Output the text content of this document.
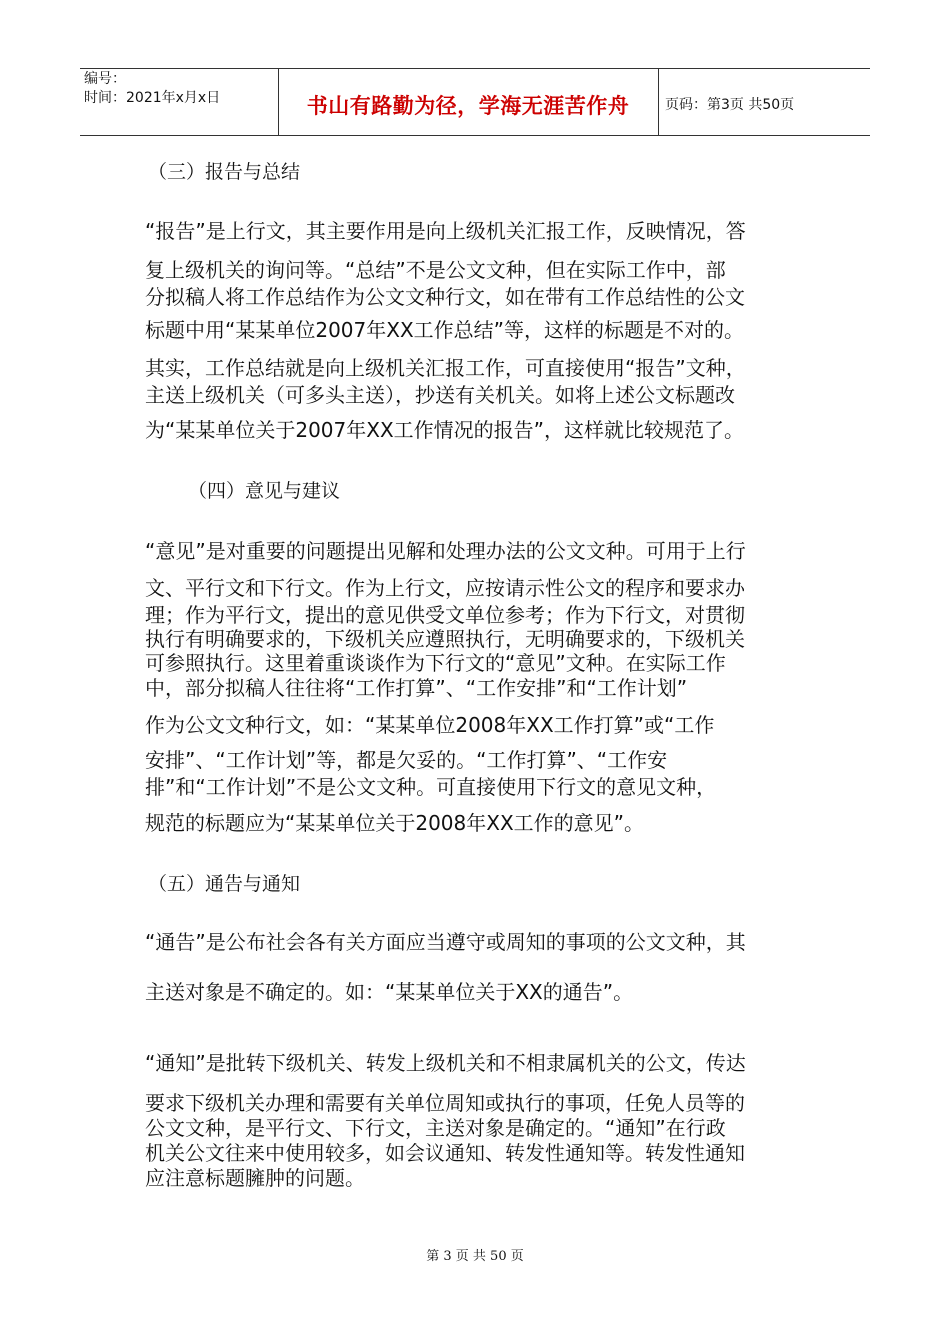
编号：
时间：2021年x月x日	书山有路勤为径，学海无涯苦作舟	页码：第3页 共50页
（三）报告与总结
“报告”是上行文，其主要作用是向上级机关汇报工作，反映情况，答
复上级机关的询问等。“总结”不是公文文种，但在实际工作中，部
分拟稿人将工作总结作为公文文种行文，如在带有工作总结性的公文
标题中用“某某单位2007年XX工作总结”等，这样的标题是不对的。
其实，工作总结就是向上级机关汇报工作，可直接使用“报告”文种，
主送上级机关（可多头主送），抄送有关机关。如将上述公文标题改
为“某某单位关于2007年XX工作情况的报告”，这样就比较规范了。
（四）意见与建议
“意见”是对重要的问题提出见解和处理办法的公文文种。可用于上行
文、平行文和下行文。作为上行文，应按请示性公文的程序和要求办
理；作为平行文，提出的意见供受文单位参考；作为下行文，对贯彻
执行有明确要求的，下级机关应遵照执行，无明确要求的，下级机关
可参照执行。这里着重谈谈作为下行文的“意见”文种。在实际工作
中，部分拟稿人往往将“工作打算”、“工作安排”和“工作计划”
作为公文文种行文，如：“某某单位2008年XX工作打算”或“工作
安排”、“工作计划”等，都是欠妥的。“工作打算”、“工作安
排”和“工作计划”不是公文文种。可直接使用下行文的意见文种，
规范的标题应为“某某单位关于2008年XX工作的意见”。
（五）通告与通知
“通告”是公布社会各有关方面应当遵守或周知的事项的公文文种，其
主送对象是不确定的。如：“某某单位关于XX的通告”。
“通知”是批转下级机关、转发上级机关和不相隶属机关的公文，传达
要求下级机关办理和需要有关单位周知或执行的事项，任免人员等的
公文文种，是平行文、下行文，主送对象是确定的。“通知”在行政
机关公文往来中使用较多，如会议通知、转发性通知等。转发性通知
应注意标题臃肿的问题。
第 3 页 共 50 页
